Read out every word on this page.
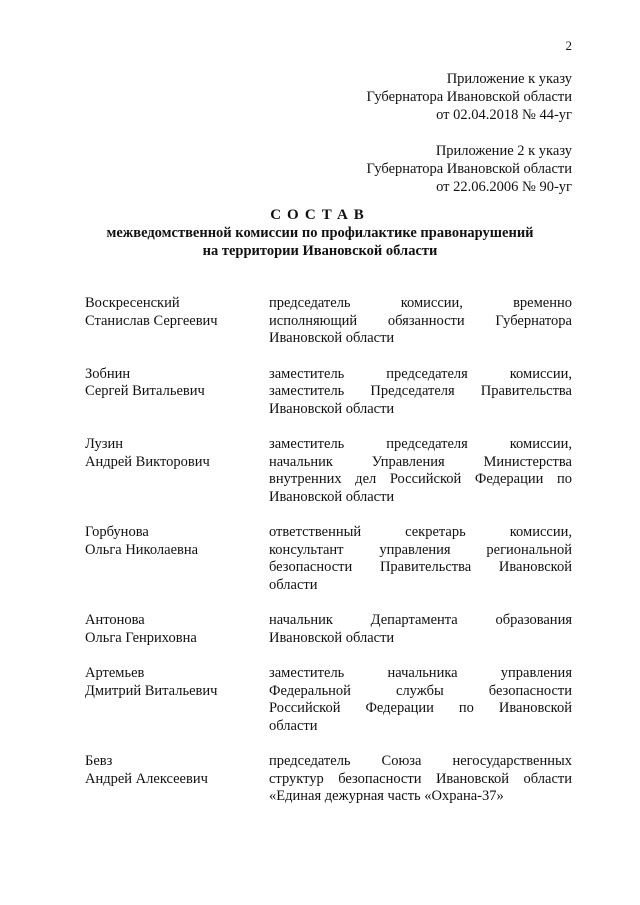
2
Приложение к указу
Губернатора Ивановской области
от 02.04.2018 № 44-уг
Приложение 2 к указу
Губернатора Ивановской области
от 22.06.2006 № 90-уг
СОСТАВ
межведомственной комиссии по профилактике правонарушений
на территории Ивановской области
Воскресенский
Станислав Сергеевич
председатель комиссии, временно
исполняющий обязанности Губернатора
Ивановской области
Зобнин
Сергей Витальевич
заместитель председателя комиссии,
заместитель Председателя Правительства
Ивановской области
Лузин
Андрей Викторович
заместитель председателя комиссии,
начальник Управления Министерства
внутренних дел Российской Федерации по
Ивановской области
Горбунова
Ольга Николаевна
ответственный секретарь комиссии,
консультант управления региональной
безопасности Правительства Ивановской
области
Антонова
Ольга Генриховна
начальник Департамента образования
Ивановской области
Артемьев
Дмитрий Витальевич
заместитель начальника управления
Федеральной службы безопасности
Российской Федерации по Ивановской
области
Бевз
Андрей Алексеевич
председатель Союза негосударственных
структур безопасности Ивановской области
«Единая дежурная часть «Охрана-37»
